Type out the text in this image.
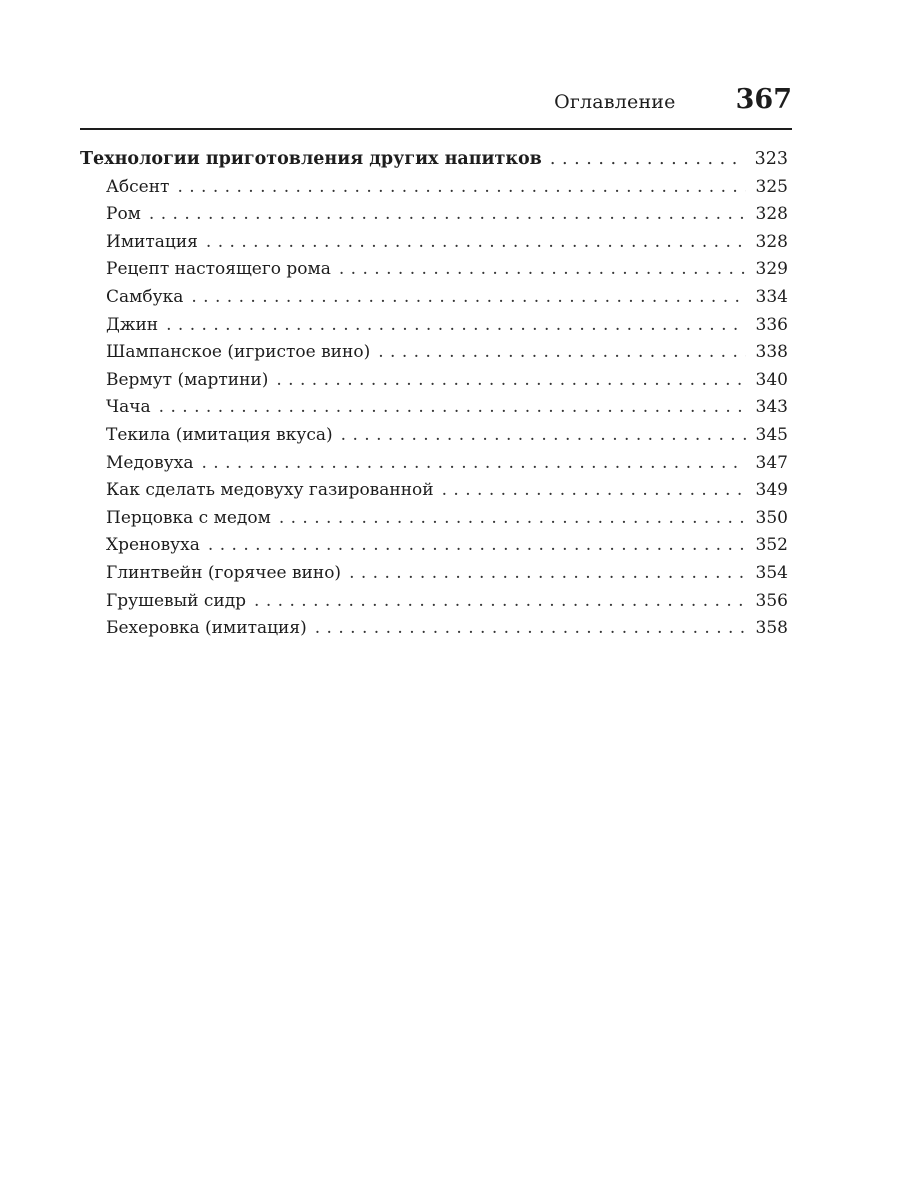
Оглавление 367
Технологии приготовления других напитков . . .	323
Абсент . . .	325
Ром . . .	328
Имитация . . .	328
Рецепт настоящего рома . . .	329
Самбука . . .	334
Джин . . .	336
Шампанское (игристое вино) . . .	338
Вермут (мартини) . . .	340
Чача . . .	343
Текила (имитация вкуса) . . .	345
Медовуха . . .	347
Как сделать медовуху газированной . . .	349
Перцовка с медом . . .	350
Хреновуха . . .	352
Глинтвейн (горячее вино) . . .	354
Грушевый сидр . . .	356
Бехеровка (имитация) . . .	358
